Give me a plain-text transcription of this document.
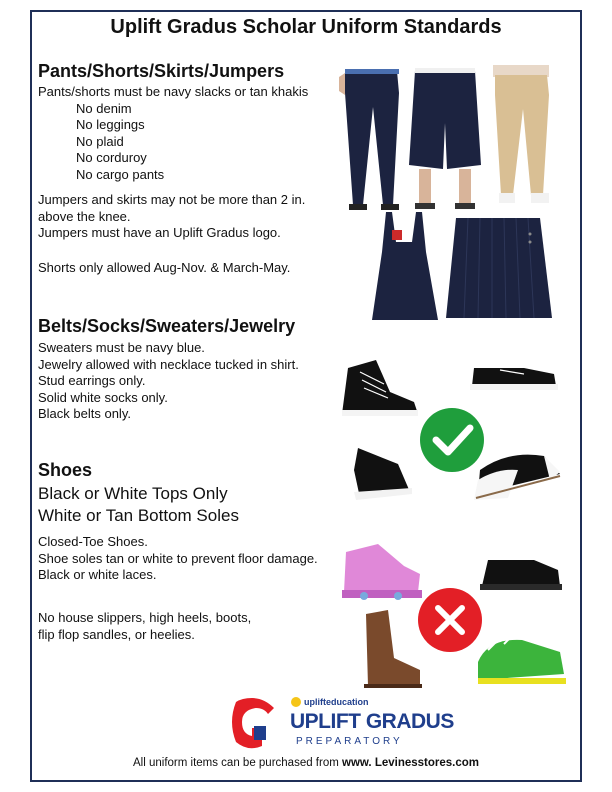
Uplift Gradus Scholar Uniform Standards
Pants/Shorts/Skirts/Jumpers
Pants/shorts must be navy slacks or tan khakis
No denim
No leggings
No plaid
No corduroy
No cargo pants
Jumpers and skirts may not be more than 2 in.
above the knee.
Jumpers must have an Uplift Gradus logo.
Shorts only allowed Aug-Nov. & March-May.
Belts/Socks/Sweaters/Jewelry
Sweaters must be navy blue.
Jewelry allowed with necklace tucked in shirt.
Stud earrings only.
Solid white socks only.
Black belts only.
Shoes
Black or White Tops Only
White or Tan Bottom Soles
Closed-Toe Shoes.
Shoe soles tan or white to prevent floor damage.
Black or white laces.
No house slippers, high heels, boots,
flip flop sandles, or heelies.
uplifteducation
UPLIFT GRADUS
PREPARATORY
All uniform items can be purchased from www. Levinesstores.com
